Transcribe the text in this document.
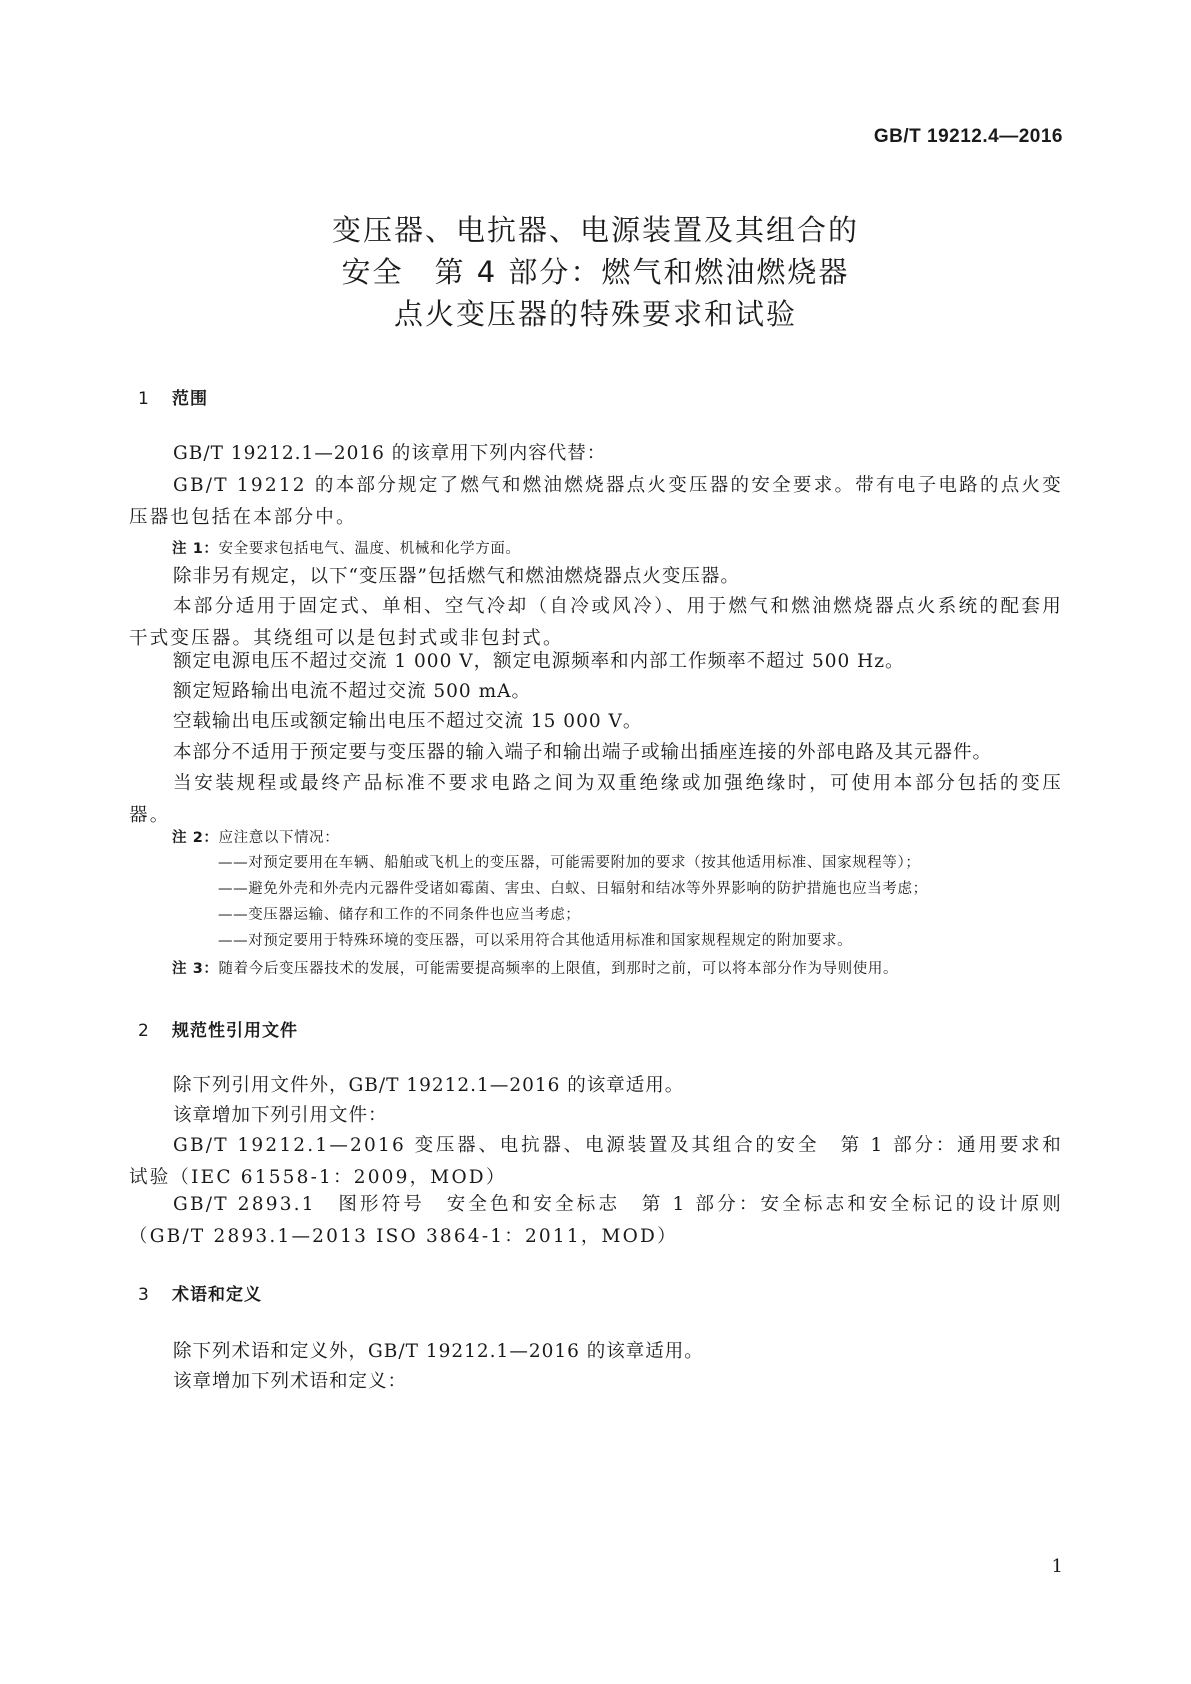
GB/T 19212.4—2016
变压器、电抗器、电源装置及其组合的
安全　第 4 部分：燃气和燃油燃烧器
点火变压器的特殊要求和试验
1 范围
GB/T 19212.1—2016 的该章用下列内容代替：
GB/T 19212 的本部分规定了燃气和燃油燃烧器点火变压器的安全要求。带有电子电路的点火变压器也包括在本部分中。
注 1：安全要求包括电气、温度、机械和化学方面。
除非另有规定，以下“变压器”包括燃气和燃油燃烧器点火变压器。
本部分适用于固定式、单相、空气冷却（自冷或风冷）、用于燃气和燃油燃烧器点火系统的配套用干式变压器。其绕组可以是包封式或非包封式。
额定电源电压不超过交流 1 000 V，额定电源频率和内部工作频率不超过 500 Hz。
额定短路输出电流不超过交流 500 mA。
空载输出电压或额定输出电压不超过交流 15 000 V。
本部分不适用于预定要与变压器的输入端子和输出端子或输出插座连接的外部电路及其元器件。
当安装规程或最终产品标准不要求电路之间为双重绝缘或加强绝缘时，可使用本部分包括的变压器。
注 2：应注意以下情况：
——对预定要用在车辆、船舶或飞机上的变压器，可能需要附加的要求（按其他适用标准、国家规程等）；
——避免外壳和外壳内元器件受诸如霉菌、害虫、白蚁、日辐射和结冰等外界影响的防护措施也应当考虑；
——变压器运输、储存和工作的不同条件也应当考虑；
——对预定要用于特殊环境的变压器，可以采用符合其他适用标准和国家规程规定的附加要求。
注 3：随着今后变压器技术的发展，可能需要提高频率的上限值，到那时之前，可以将本部分作为导则使用。
2 规范性引用文件
除下列引用文件外，GB/T 19212.1—2016 的该章适用。
该章增加下列引用文件：
GB/T 19212.1—2016 变压器、电抗器、电源装置及其组合的安全　第 1 部分：通用要求和试验（IEC 61558-1：2009，MOD）
GB/T 2893.1　图形符号　安全色和安全标志　第 1 部分：安全标志和安全标记的设计原则（GB/T 2893.1—2013 ISO 3864-1：2011，MOD）
3 术语和定义
除下列术语和定义外，GB/T 19212.1—2016 的该章适用。
该章增加下列术语和定义：
1
